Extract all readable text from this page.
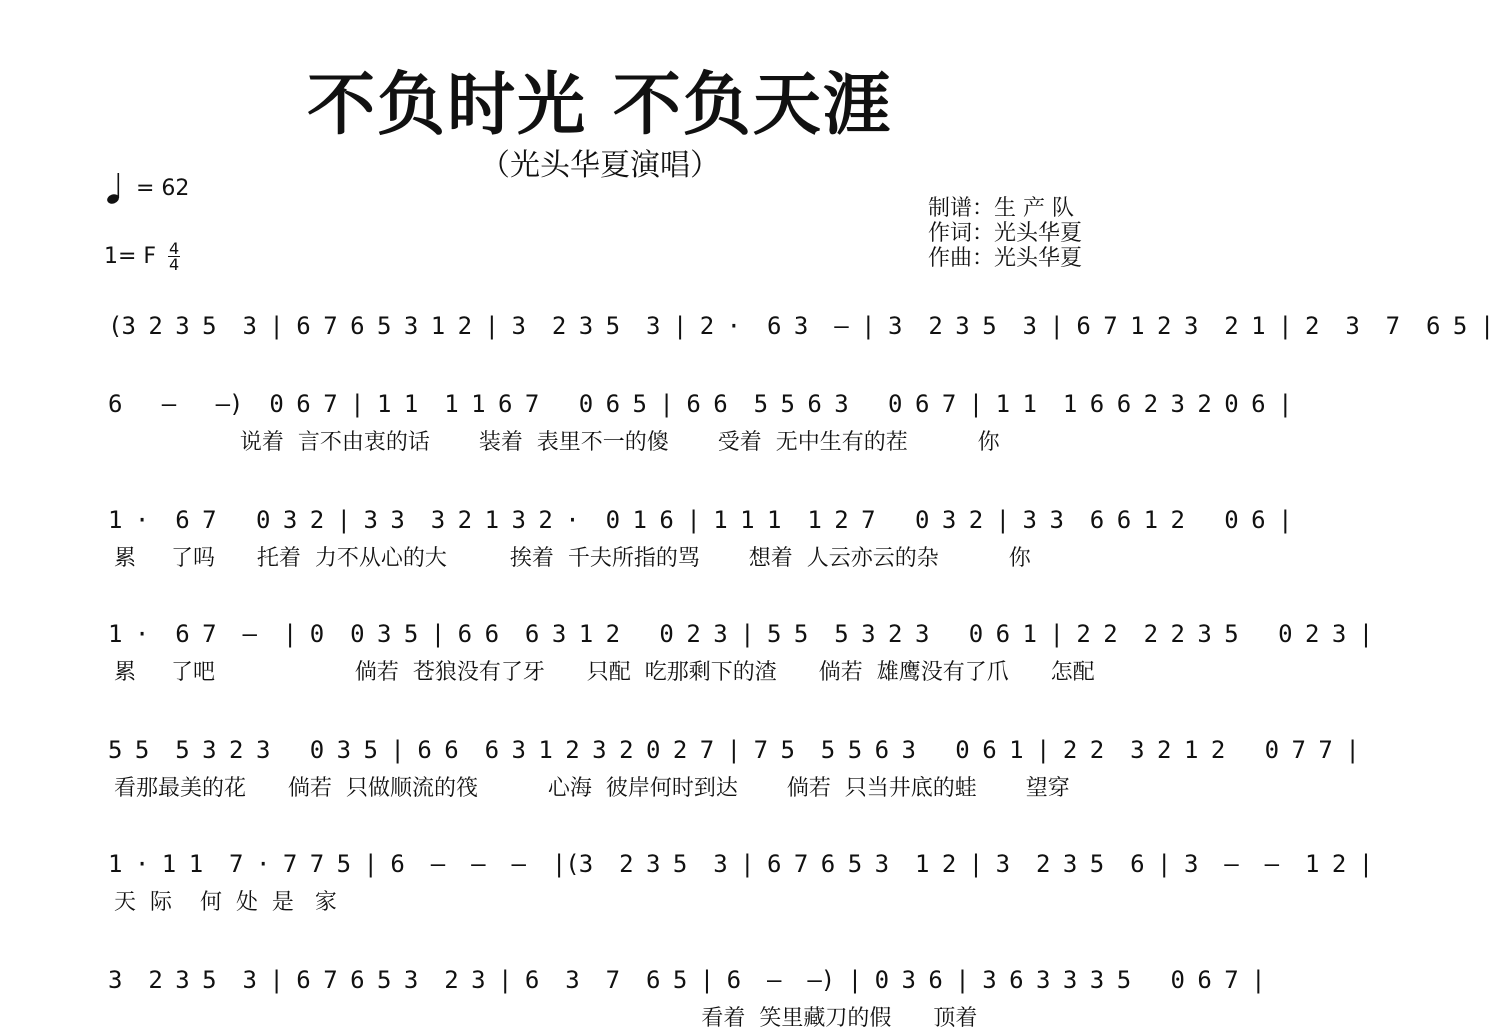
不负时光 不负天涯
（光头华夏演唱）
= 62
1= F 4
4
制谱： 生 产 队
作词： 光头华夏
作曲： 光头华夏
(3 2 3 5  3 | 6 7 6 5 3 1 2 | 3  2 3 5  3 | 2 ·  6 3  — | 3  2 3 5  3 | 6 7 1 2 3  2 1 | 2  3  7  6 5 |
6   —   —)  0 6 7 | 1 1  1 1 6 7   0 6 5 | 6 6  5 5 6 3   0 6 7 | 1 1  1 6 6 2 3 2 0 6 |
说着  言不由衷的话       装着  表里不一的傻       受着  无中生有的茬          你
1 ·  6 7   0 3 2 | 3 3  3 2 1 3 2 ·  0 1 6 | 1 1 1  1 2 7   0 3 2 | 3 3  6 6 1 2   0 6 |
累     了吗      托着  力不从心的大         挨着  千夫所指的骂       想着  人云亦云的杂          你
1 ·  6 7  —  | 0  0 3 5 | 6 6  6 3 1 2   0 2 3 | 5 5  5 3 2 3   0 6 1 | 2 2  2 2 3 5   0 2 3 |
累     了吧                    倘若  苍狼没有了牙      只配  吃那剩下的渣      倘若  雄鹰没有了爪      怎配
5 5  5 3 2 3   0 3 5 | 6 6  6 3 1 2 3 2 0 2 7 | 7 5  5 5 6 3   0 6 1 | 2 2  3 2 1 2   0 7 7 |
看那最美的花      倘若  只做顺流的筏          心海  彼岸何时到达       倘若  只当井底的蛙       望穿
1 · 1 1  7 · 7 7 5 | 6  —  —  —  |(3  2 3 5  3 | 6 7 6 5 3  1 2 | 3  2 3 5  6 | 3  —  —  1 2 |
天  际    何  处  是   家
3  2 3 5  3 | 6 7 6 5 3  2 3 | 6  3  7  6 5 | 6  —  —) | 0 3 6 | 3 6 3 3 3 5   0 6 7 |
看着  笑里藏刀的假      顶着
